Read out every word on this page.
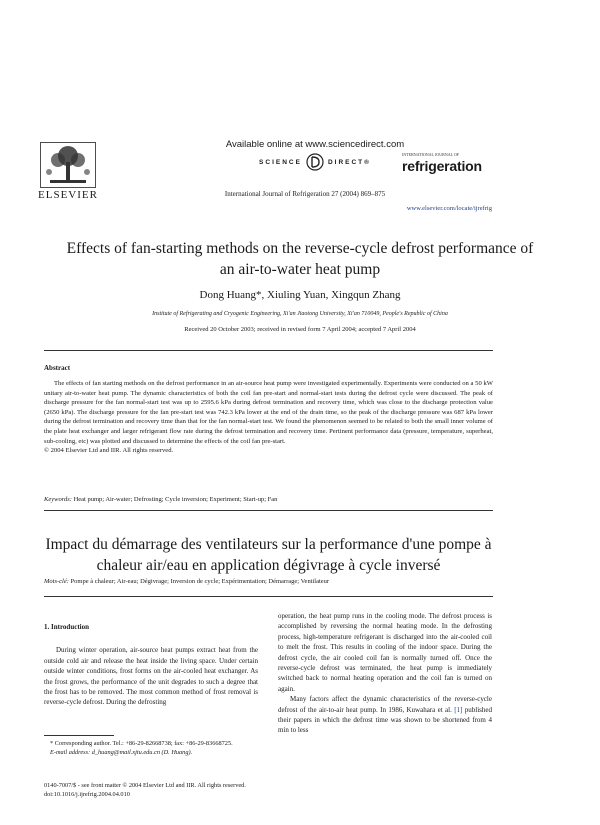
ELSEVIER
Available online at www.sciencedirect.com
SCIENCE	DIRECT®
International Journal of Refrigeration 27 (2004) 869–875
INTERNATIONAL JOURNAL OF
refrigeration
www.elsevier.com/locate/ijrefrig
Effects of fan-starting methods on the reverse-cycle defrost performance of an air-to-water heat pump
Dong Huang*, Xiuling Yuan, Xingqun Zhang
Institute of Refrigerating and Cryogenic Engineering, Xi'an Jiaotong University, Xi'an 710049, People's Republic of China
Received 20 October 2003; received in revised form 7 April 2004; accepted 7 April 2004
Abstract
The effects of fan starting methods on the defrost performance in an air-source heat pump were investigated experimentally. Experiments were conducted on a 50 kW unitary air-to-water heat pump. The dynamic characteristics of both the coil fan pre-start and normal-start tests during the defrost cycle were discussed. The peak of discharge pressure for the fan normal-start test was up to 2595.6 kPa during defrost termination and recovery time, which was close to the discharge protection value (2650 kPa). The discharge pressure for the fan pre-start test was 742.3 kPa lower at the end of the drain time, so the peak of the discharge pressure was 687 kPa lower during the defrost termination and recovery time than that for the fan normal-start test. We found the phenomenon seemed to be related to both the small inner volume of the plate heat exchanger and larger refrigerant flow rate during the defrost termination and recovery time. Pertinent performance data (pressure, temperature, superheat, sub-cooling, etc) was plotted and discussed to determine the effects of the coil fan pre-start.
© 2004 Elsevier Ltd and IIR. All rights reserved.
Keywords: Heat pump; Air-water; Defrosting; Cycle inversion; Experiment; Start-up; Fan
Impact du démarrage des ventilateurs sur la performance d'une pompe à chaleur air/eau en application dégivrage à cycle inversé
Mots-clé: Pompe à chaleur; Air-eau; Dégivrage; Inversion de cycle; Expérimentation; Démarrage; Ventilateur
1. Introduction

During winter operation, air-source heat pumps extract heat from the outside cold air and release the heat inside the living space. Under certain outside winter conditions, frost forms on the air-cooled heat exchanger. As the frost grows, the performance of the unit degrades to such a degree that the frost has to be removed. The most common method of frost removal is reverse-cycle defrost. During the defrosting

operation, the heat pump runs in the cooling mode. The defrost process is accomplished by reversing the normal heating mode. In the defrosting process, high-temperature refrigerant is discharged into the air-cooled coil to melt the frost. This results in cooling of the indoor space. During the defrost cycle, the air cooled coil fan is normally turned off. Once the reverse-cycle defrost was terminated, the heat pump is immediately switched back to normal heating operation and the coil fan is turned on again.

Many factors affect the dynamic characteristics of the reverse-cycle defrost of the air-to-air heat pump. In 1986, Kuwahara et al. [1] published their papers in which the defrost time was shown to be shortened from 4 min to less

* Corresponding author. Tel.: +86-29-82668738; fax: +86-29-83668725.
E-mail address: d_huang@mail.xjtu.edu.cn (D. Huang).
0140-7007/$ - see front matter © 2004 Elsevier Ltd and IIR. All rights reserved.
doi:10.1016/j.ijrefrig.2004.04.010
